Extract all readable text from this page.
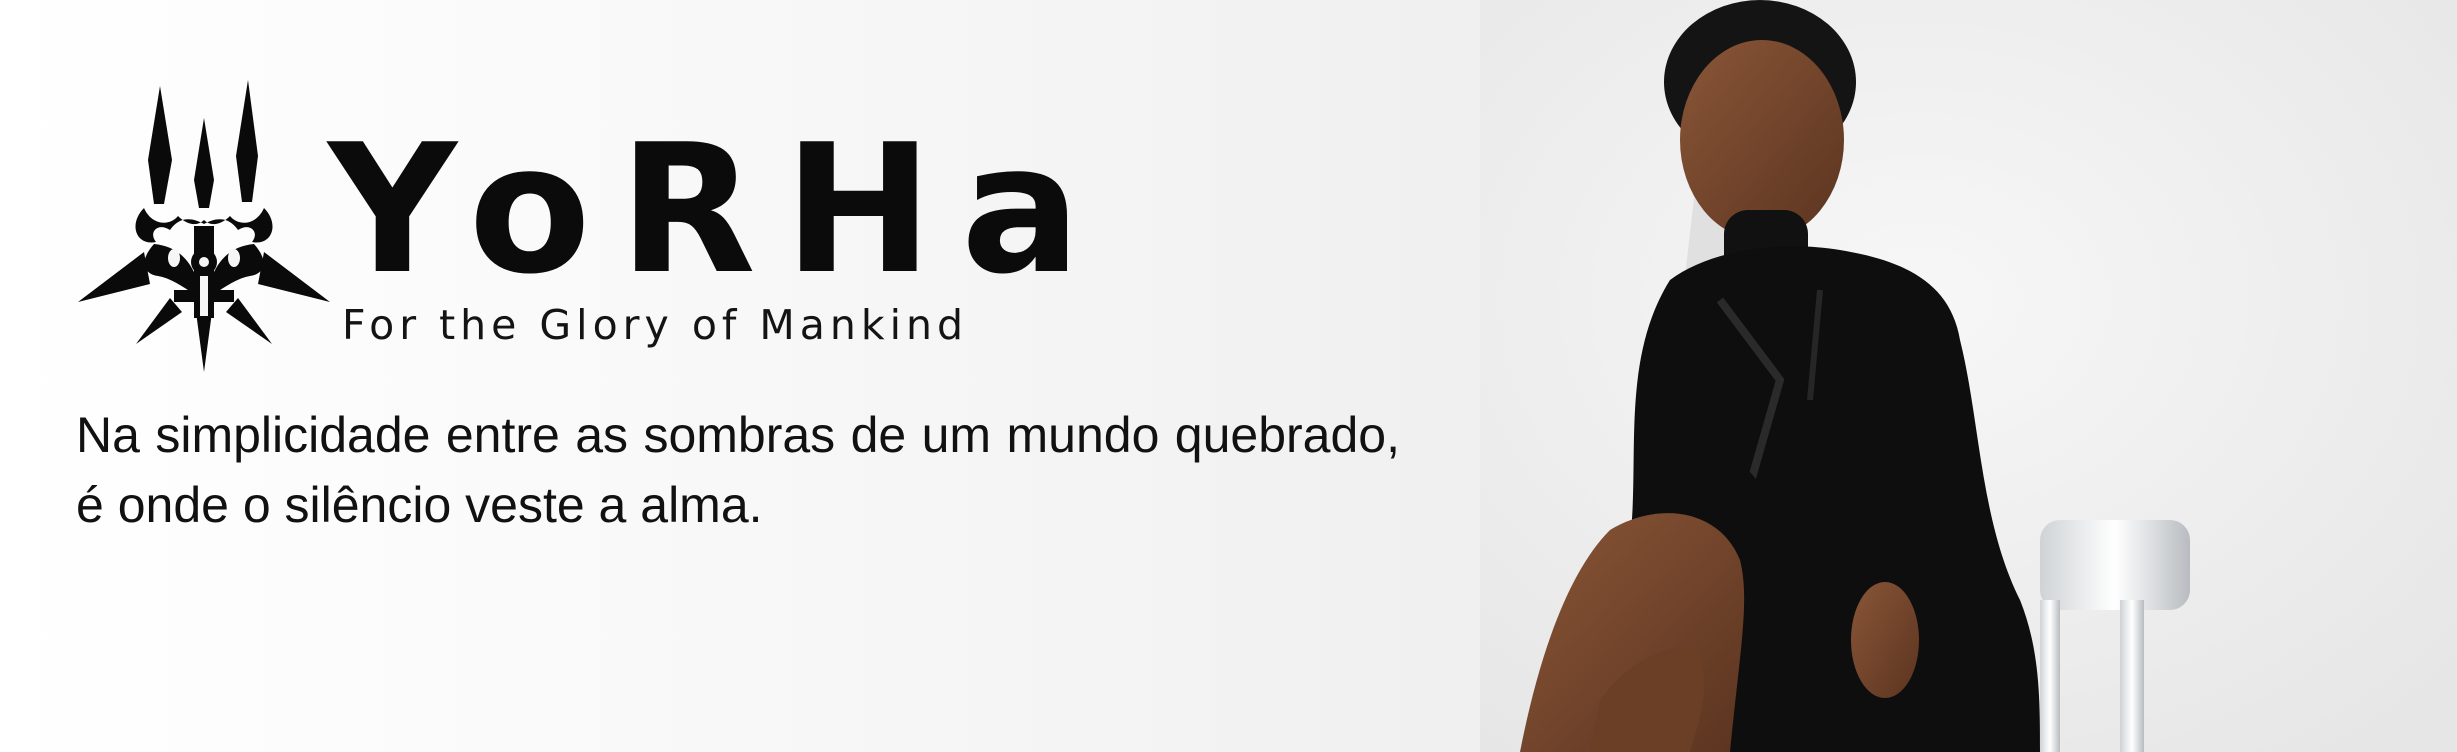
YoRHa

For the Glory of Mankind

Na simplicidade entre as sombras de um mundo quebrado, é onde o silêncio veste a alma.
